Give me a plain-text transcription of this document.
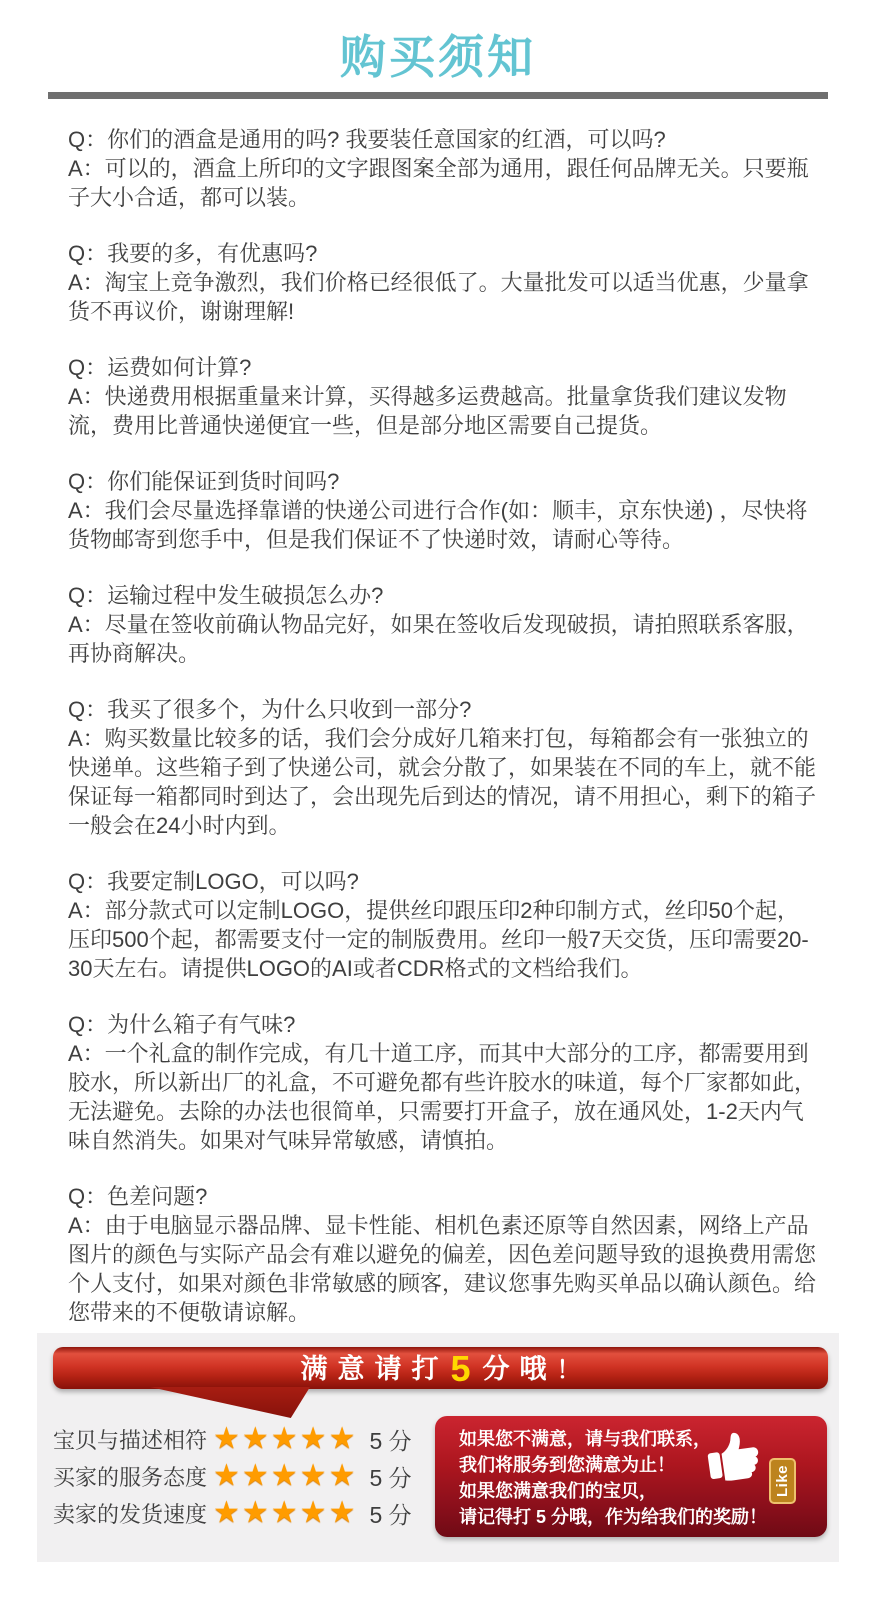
购买须知

Q：你们的酒盒是通用的吗? 我要装任意国家的红酒，可以吗?

A：可以的，酒盒上所印的文字跟图案全部为通用，跟任何品牌无关。只要瓶子大小合适，都可以装。

Q：我要的多，有优惠吗?

A：淘宝上竞争激烈，我们价格已经很低了。大量批发可以适当优惠，少量拿货不再议价，谢谢理解!

Q：运费如何计算?

A：快递费用根据重量来计算，买得越多运费越高。批量拿货我们建议发物流，费用比普通快递便宜一些，但是部分地区需要自己提货。

Q：你们能保证到货时间吗?

A：我们会尽量选择靠谱的快递公司进行合作(如：顺丰，京东快递) ，尽快将货物邮寄到您手中，但是我们保证不了快递时效，请耐心等待。

Q：运输过程中发生破损怎么办?

A：尽量在签收前确认物品完好，如果在签收后发现破损，请拍照联系客服，再协商解决。

Q：我买了很多个，为什么只收到一部分?

A：购买数量比较多的话，我们会分成好几箱来打包，每箱都会有一张独立的快递单。这些箱子到了快递公司，就会分散了，如果装在不同的车上，就不能保证每一箱都同时到达了，会出现先后到达的情况，请不用担心，剩下的箱子一般会在24小时内到。

Q：我要定制LOGO，可以吗?

A：部分款式可以定制LOGO，提供丝印跟压印2种印制方式，丝印50个起，压印500个起，都需要支付一定的制版费用。丝印一般7天交货，压印需要20-30天左右。请提供LOGO的AI或者CDR格式的文档给我们。

Q：为什么箱子有气味?

A：一个礼盒的制作完成，有几十道工序，而其中大部分的工序，都需要用到胶水，所以新出厂的礼盒，不可避免都有些许胶水的味道，每个厂家都如此，无法避免。去除的办法也很简单，只需要打开盒子，放在通风处，1-2天内气味自然消失。如果对气味异常敏感，请慎拍。

Q：色差问题?

A：由于电脑显示器品牌、显卡性能、相机色素还原等自然因素，网络上产品图片的颜色与实际产品会有难以避免的偏差，因色差问题导致的退换费用需您个人支付，如果对颜色非常敏感的顾客，建议您事先购买单品以确认颜色。给您带来的不便敬请谅解。

满意请打5分哦！
宝贝与描述相符 ★★★★★ 5 分
买家的服务态度 ★★★★★ 5 分
卖家的发货速度 ★★★★★ 5 分
如果您不满意，请与我们联系，
我们将服务到您满意为止！
如果您满意我们的宝贝，
请记得打 5 分哦，作为给我们的奖励！
Like
